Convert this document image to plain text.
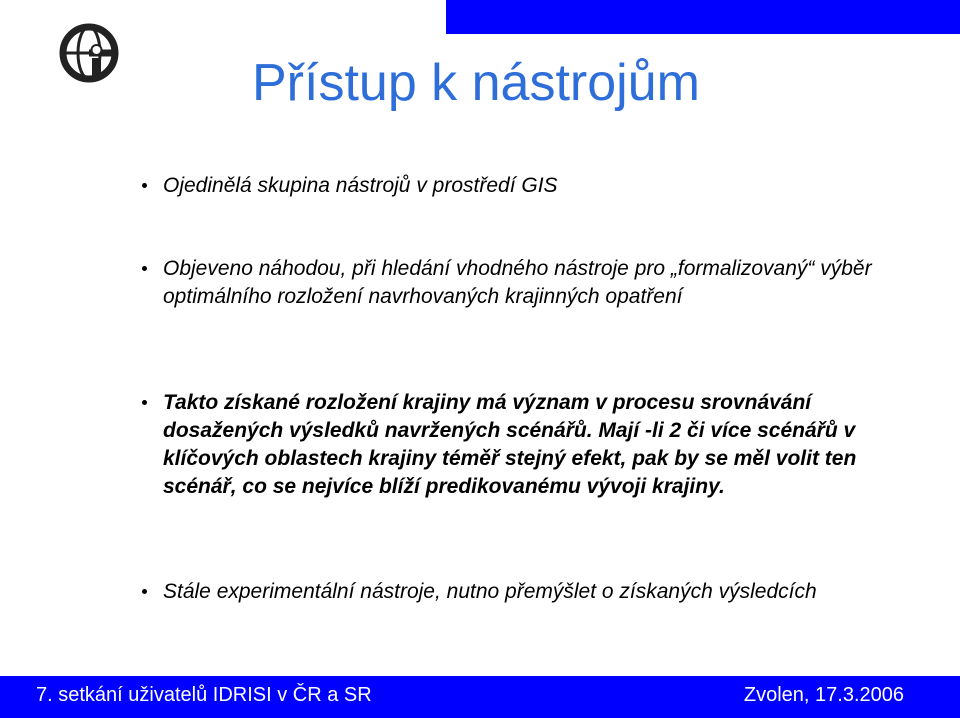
Přístup k nástrojům
Ojedinělá skupina nástrojů v prostředí GIS
Objeveno náhodou, při hledání vhodného nástroje pro „formalizovaný“ výběr optimálního rozložení navrhovaných krajinných opatření
Takto získané rozložení krajiny má význam v procesu srovnávání dosažených výsledků navržených scénářů. Mají -li 2 či více scénářů v klíčových oblastech krajiny téměř stejný efekt, pak by se měl volit ten scénář, co se nejvíce blíží predikovanému vývoji krajiny.
Stále experimentální nástroje, nutno přemýšlet o získaných výsledcích
7. setkání uživatelů IDRISI v ČR a SR	Zvolen, 17.3.2006
